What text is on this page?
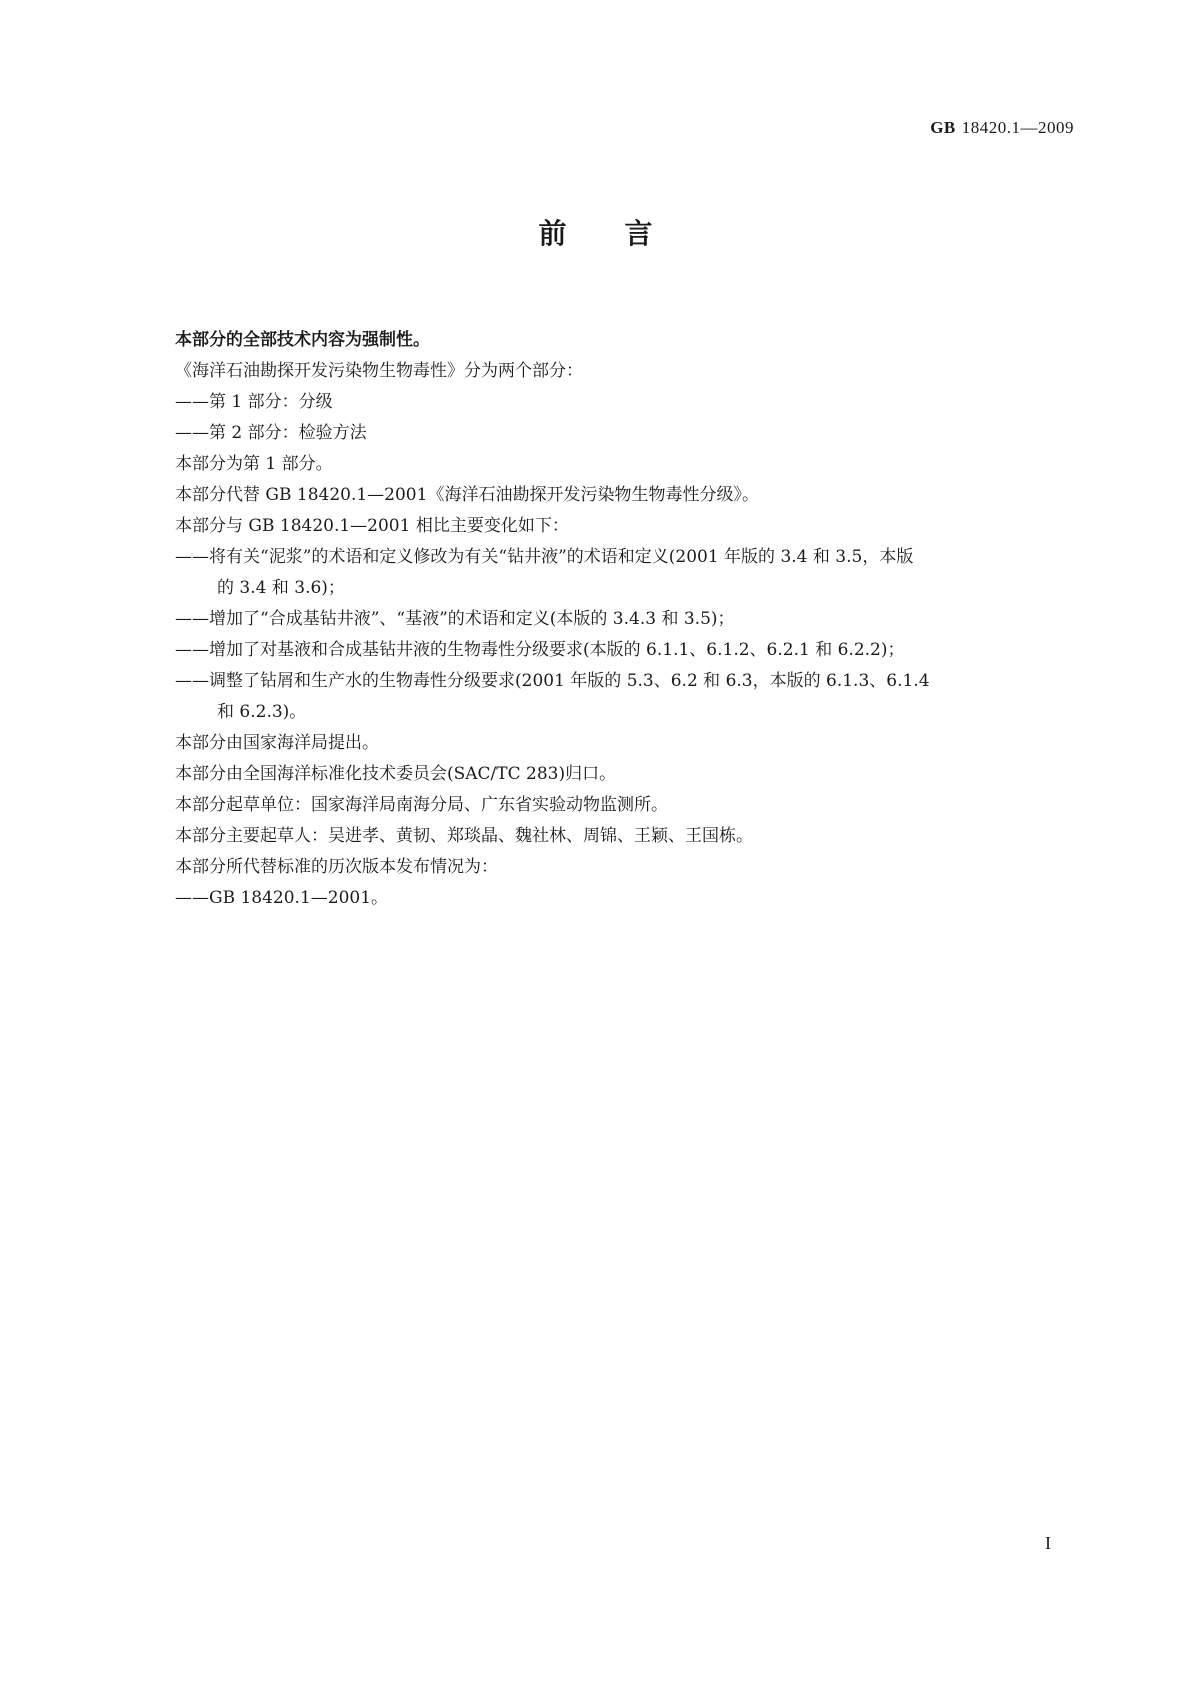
GB 18420.1—2009
前言

本部分的全部技术内容为强制性。

《海洋石油勘探开发污染物生物毒性》分为两个部分：

——第 1 部分：分级

——第 2 部分：检验方法

本部分为第 1 部分。

本部分代替 GB 18420.1—2001《海洋石油勘探开发污染物生物毒性分级》。

本部分与 GB 18420.1—2001 相比主要变化如下：

——将有关“泥浆”的术语和定义修改为有关“钻井液”的术语和定义(2001 年版的 3.4 和 3.5，本版

的 3.4 和 3.6)；

——增加了“合成基钻井液”、“基液”的术语和定义(本版的 3.4.3 和 3.5)；

——增加了对基液和合成基钻井液的生物毒性分级要求(本版的 6.1.1、6.1.2、6.2.1 和 6.2.2)；

——调整了钻屑和生产水的生物毒性分级要求(2001 年版的 5.3、6.2 和 6.3，本版的 6.1.3、6.1.4

和 6.2.3)。

本部分由国家海洋局提出。

本部分由全国海洋标准化技术委员会(SAC/TC 283)归口。

本部分起草单位：国家海洋局南海分局、广东省实验动物监测所。

本部分主要起草人：吴进孝、黄韧、郑琰晶、魏社林、周锦、王颖、王国栋。

本部分所代替标准的历次版本发布情况为：

——GB 18420.1—2001。

I
